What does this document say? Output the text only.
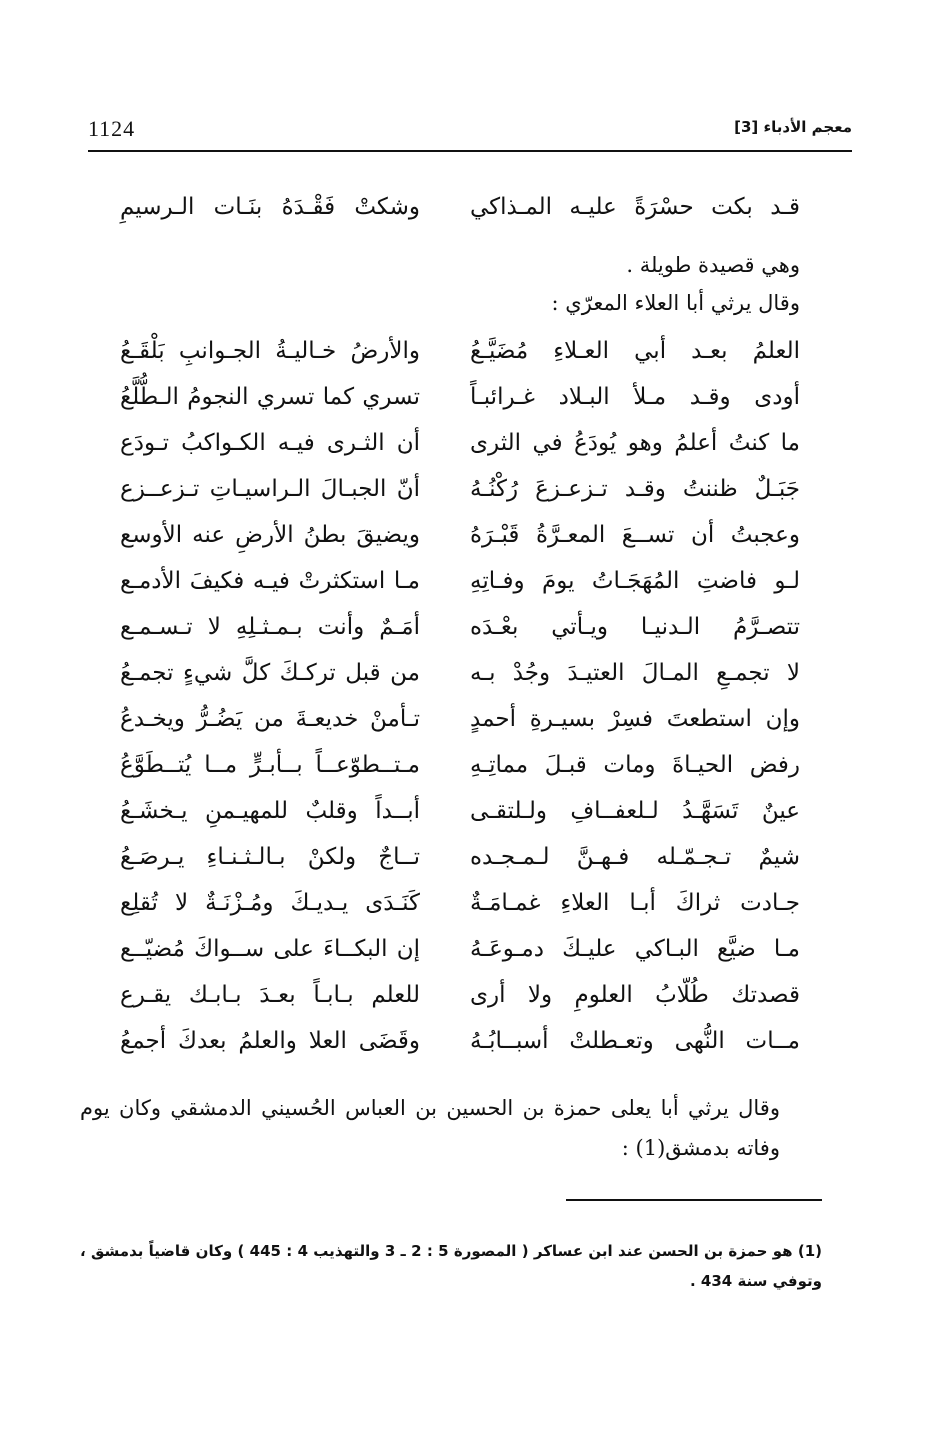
1124	معجم الأدباء [3]
قـد بكت حسْرَةً عليـه المـذاكي
وشكتْ فَقْـدَهُ بنَـات الـرسيمِ
وهي قصيدة طويلة .
وقال يرثي أبا العلاء المعرّي :
العلمُ بعـد أبي العـلاءِ مُضَيَّـعُ
والأرضُ خـاليـةُ الجـوانبِ بَلْقَـعُ
أودى وقـد مـلأ البـلاد غـرائبـاً
تسري كما تسري النجومُ الـطُّلَّعُ
ما كنتُ أعلمُ وهو يُودَعُ في الثرى
أن الثـرى فيـه الكـواكبُ تـودَع
جَبَـلٌ ظننتُ وقـد تـزعـزعَ رُكْنُـهُ
أنّ الجبـالَ الـراسيـاتِ تـزعــزع
وعجبتُ أن تســعَ المعـرَّةُ قَبْـرَهُ
ويضيقَ بطنُ الأرضِ عنه الأوسع
لـو فاضتِ المُهَجَـاتُ يومَ وفـاتِهِ
مـا استكثرتْ فيـه فكيفَ الأدمـع
تتصـرَّمُ الـدنيـا ويـأتي بعْـدَه
أمَـمٌ وأنت بـمـثـلِهِ لا تـسـمـع
لا تجمـعِ المـالَ العتيـدَ وجُدْ بـه
من قبل تركـكَ كلَّ شيءٍ تجمـعُ
وإن استطعتَ فسِرْ بسيـرةِ أحمدٍ
تـأمنْ خديعـةَ من يَضُـرُّ ويخـدعُ
رفض الحيـاةَ ومات قبـلَ مماتِـهِ
مـتــطوّعــاً بــأبـرٍّ مــا يُتــطَوَّعُ
عينٌ تَسَهَّـدُ لـلعفــافِ ولـلتقـى
أبــداً وقلبٌ للمهيـمنِ يـخشَـعُ
شيمٌ تـجـمّـله فـهـنَّ لـمـجـده
تــاجٌ ولكنْ بـالـثـنـاءِ يـرصَـعُ
جـادت ثراكَ أبـا العلاءِ غمـامَـةٌ
كَنَـدَى يـديـكَ ومُـزْنَـةٌ لا تُقلِع
مـا ضيَّع البـاكي عليـكَ دمـوعَـهُ
إن البكــاءَ على ســواكَ مُضيّــع
قصدتك طُلّابُ العلومِ ولا أرى
للعلم بـابـاً بعـدَ بـابـك يقـرع
مــات النُّهى وتعـطلتْ أسبــابُـهُ
وقَضَى العلا والعلمُ بعدكَ أجمعُ
وقال يرثي أبا يعلى حمزة بن الحسين بن العباس الحُسيني الدمشقي وكان يوم وفاته بدمشق(1) :
(1) هو حمزة بن الحسن عند ابن عساكر ( المصورة 5 : 2 ـ 3 والتهذيب 4 : 445 ) وكان قاضياً بدمشق ، وتوفي سنة 434 .
